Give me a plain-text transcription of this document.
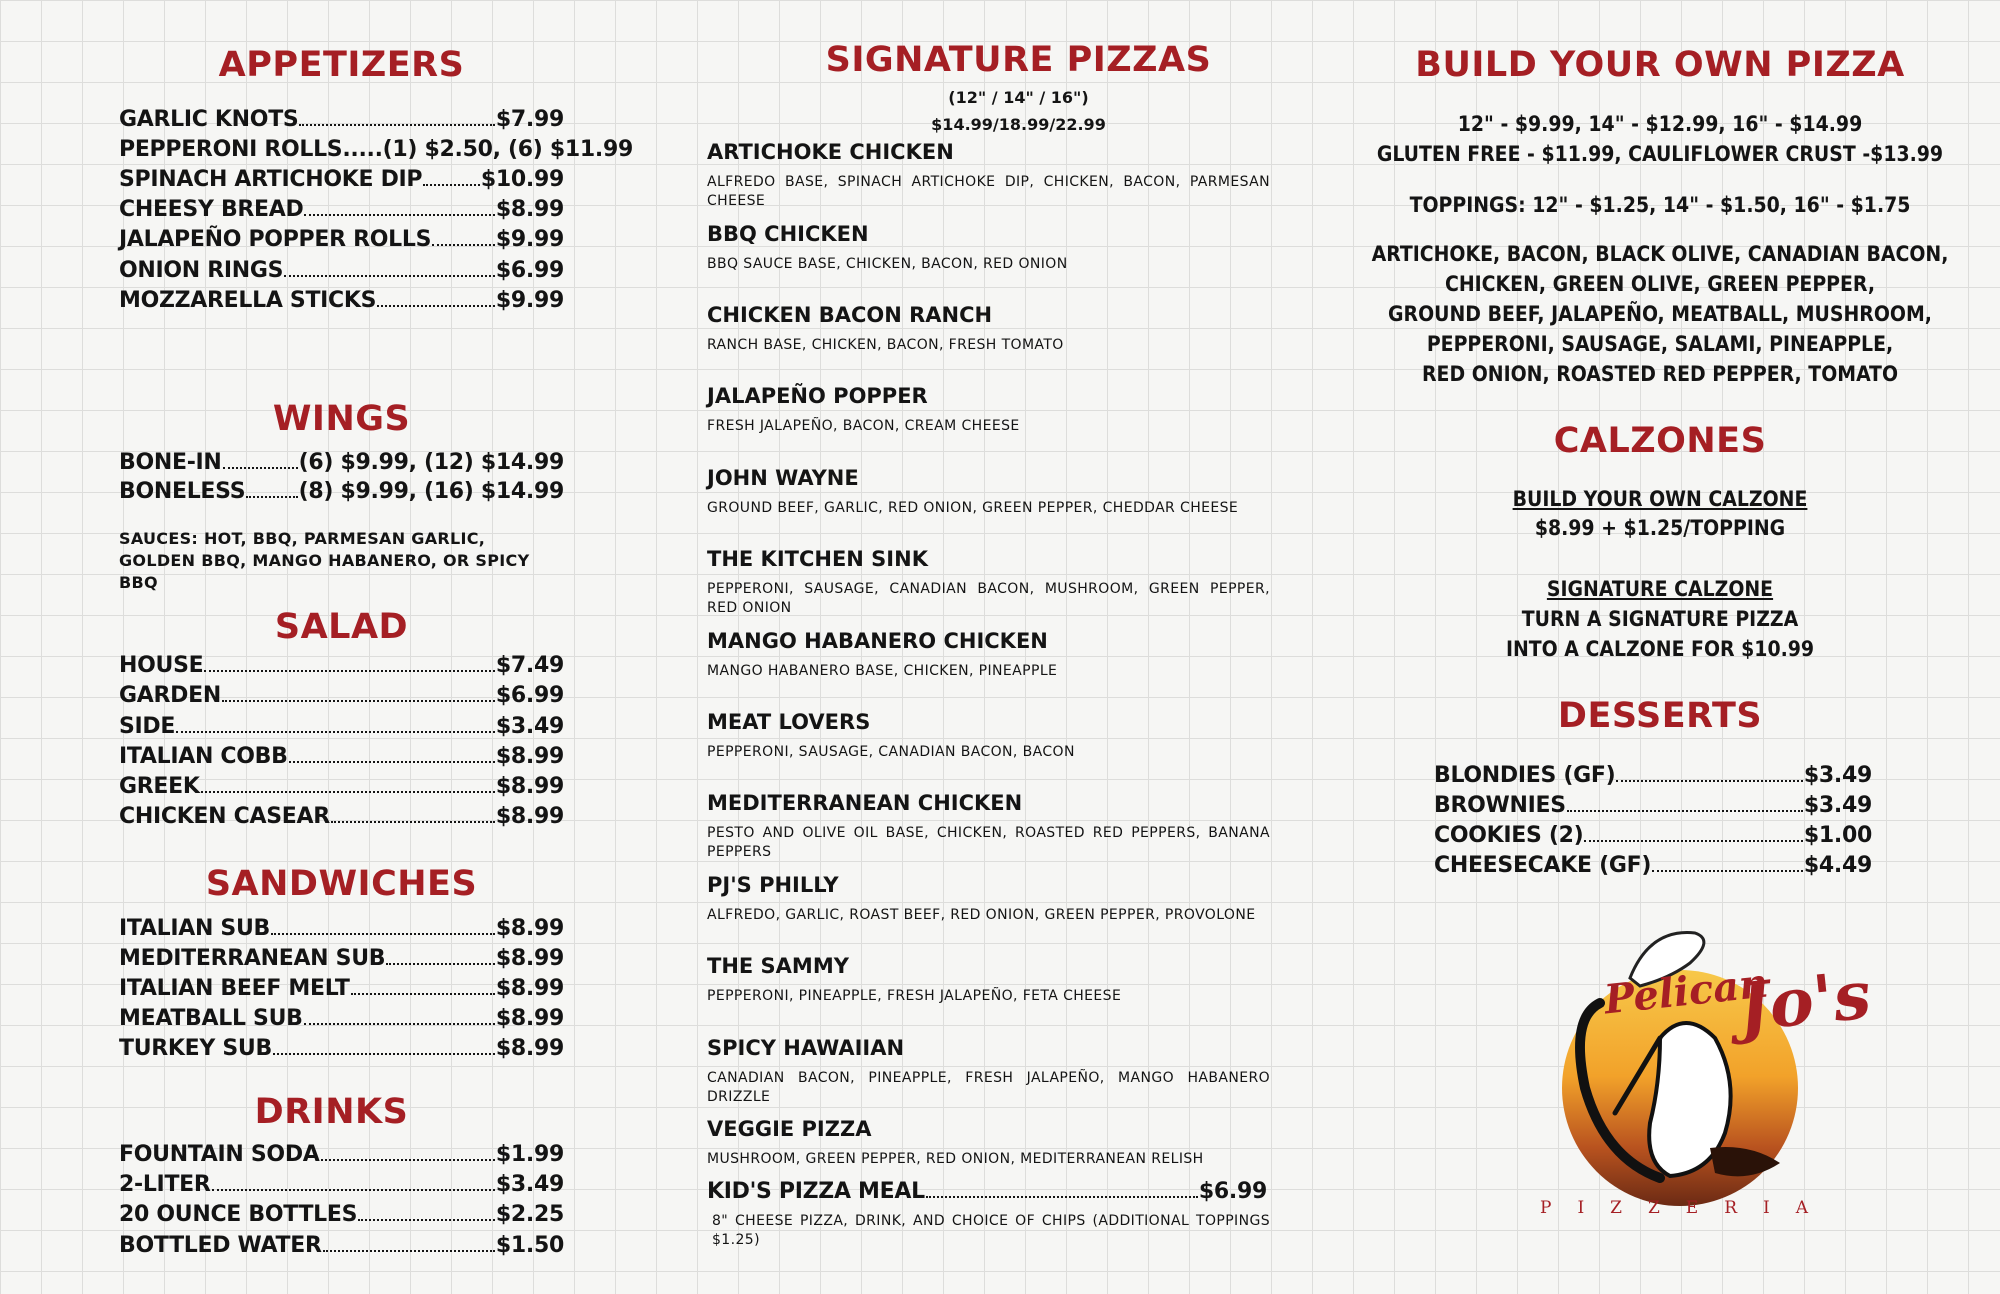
APPETIZERS
GARLIC KNOTS	$7.99
PEPPERONI ROLLS.....(1) $2.50, (6) $11.99
SPINACH ARTICHOKE DIP	$10.99
CHEESY BREAD	$8.99
JALAPEÑO POPPER ROLLS	$9.99
ONION RINGS	$6.99
MOZZARELLA STICKS	$9.99
WINGS
BONE-IN	(6) $9.99, (12) $14.99
BONELESS (8) $9.99, (16) $14.99
SAUCES: HOT, BBQ, PARMESAN GARLIC, GOLDEN BBQ, MANGO HABANERO, OR SPICY BBQ
SALAD
HOUSE	$7.49
GARDEN	$6.99
SIDE	$3.49
ITALIAN COBB	$8.99
GREEK	$8.99
CHICKEN CASEAR	$8.99
SANDWICHES
ITALIAN SUB	$8.99
MEDITERRANEAN SUB	$8.99
ITALIAN BEEF MELT	$8.99
MEATBALL SUB	$8.99
TURKEY SUB	$8.99
DRINKS
FOUNTAIN SODA	$1.99
2-LITER	$3.49
20 OUNCE BOTTLES	$2.25
BOTTLED WATER	$1.50
SIGNATURE PIZZAS
(12" / 14" / 16")
$14.99/18.99/22.99
ARTICHOKE CHICKEN
ALFREDO BASE, SPINACH ARTICHOKE DIP, CHICKEN, BACON, PARMESAN CHEESE
BBQ CHICKEN
BBQ SAUCE BASE, CHICKEN, BACON, RED ONION
CHICKEN BACON RANCH
RANCH BASE, CHICKEN, BACON, FRESH TOMATO
JALAPEÑO POPPER
FRESH JALAPEÑO, BACON, CREAM CHEESE
JOHN WAYNE
GROUND BEEF, GARLIC, RED ONION, GREEN PEPPER, CHEDDAR CHEESE
THE KITCHEN SINK
PEPPERONI, SAUSAGE, CANADIAN BACON, MUSHROOM, GREEN PEPPER, RED ONION
MANGO HABANERO CHICKEN
MANGO HABANERO BASE, CHICKEN, PINEAPPLE
MEAT LOVERS
PEPPERONI, SAUSAGE, CANADIAN BACON, BACON
MEDITERRANEAN CHICKEN
PESTO AND OLIVE OIL BASE, CHICKEN, ROASTED RED PEPPERS, BANANA PEPPERS
PJ'S PHILLY
ALFREDO, GARLIC, ROAST BEEF, RED ONION, GREEN PEPPER, PROVOLONE
THE SAMMY
PEPPERONI, PINEAPPLE, FRESH JALAPEÑO, FETA CHEESE
SPICY HAWAIIAN
CANADIAN BACON, PINEAPPLE, FRESH JALAPEÑO, MANGO HABANERO DRIZZLE
VEGGIE PIZZA
MUSHROOM, GREEN PEPPER, RED ONION, MEDITERRANEAN RELISH
KID'S PIZZA MEAL	$6.99
8" CHEESE PIZZA, DRINK, AND CHOICE OF CHIPS (ADDITIONAL TOPPINGS $1.25)
BUILD YOUR OWN PIZZA
12" - $9.99, 14" - $12.99, 16" - $14.99
GLUTEN FREE - $11.99, CAULIFLOWER CRUST -$13.99
TOPPINGS: 12" - $1.25, 14" - $1.50, 16" - $1.75
ARTICHOKE, BACON, BLACK OLIVE, CANADIAN BACON,
CHICKEN, GREEN OLIVE, GREEN PEPPER,
GROUND BEEF, JALAPEÑO, MEATBALL, MUSHROOM,
PEPPERONI, SAUSAGE, SALAMI, PINEAPPLE,
RED ONION, ROASTED RED PEPPER, TOMATO
CALZONES
BUILD YOUR OWN CALZONE
$8.99 + $1.25/TOPPING
SIGNATURE CALZONE
TURN A SIGNATURE PIZZA
INTO A CALZONE FOR $10.99
DESSERTS
BLONDIES (GF)	$3.49
BROWNIES	$3.49
COOKIES (2)	$1.00
CHEESECAKE (GF)	$4.49
Pelican
Jo's
PIZZERIA
